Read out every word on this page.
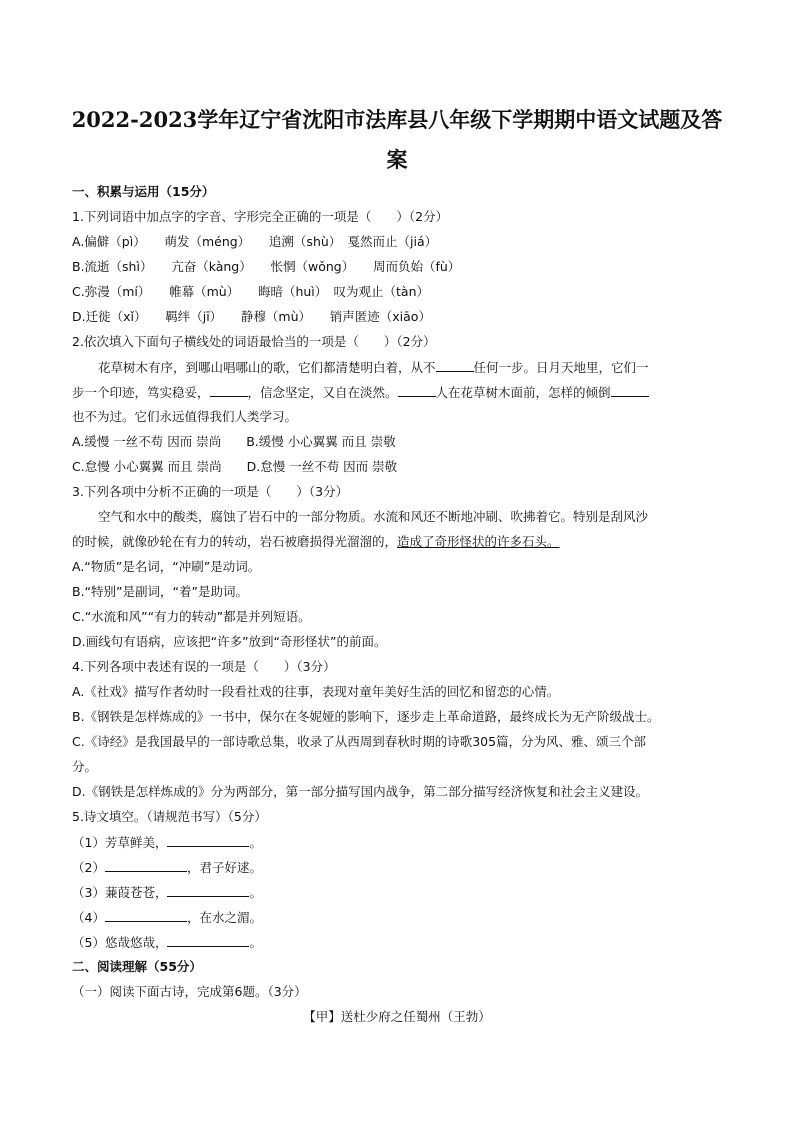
2022-2023学年辽宁省沈阳市法库县八年级下学期期中语文试题及答
案
一、积累与运用（15分）
1.下列词语中加点字的字音、字形完全正确的一项是（　　）（2分）
A.偏僻（pì）　　萌发（méng）　　追溯（shù）　戛然而止（jiá）
B.流逝（shì）　　亢奋（kàng）　　怅惘（wǒng）　　周而负始（fù）
C.弥漫（mí）　　帷幕（mù）　　晦暗（huì）　叹为观止（tàn）
D.迁徙（xǐ）　　羁绊（jī）　　静穆（mù）　　销声匿迹（xiāo）
2.依次填入下面句子横线处的词语最恰当的一项是（　　）（2分）
花草树木有序，到哪山唱哪山的歌，它们都清楚明白着，从不	任何一步。日月天地里，它们一
步一个印迹，笃实稳妥，	，信念坚定，又自在淡然。	人在花草树木面前，怎样的倾倒
也不为过。它们永远值得我们人类学习。
A.缓慢 一丝不苟 因而 崇尚　　B.缓慢 小心翼翼 而且 崇敬
C.怠慢 小心翼翼 而且 崇尚　　D.怠慢 一丝不苟 因而 崇敬
3.下列各项中分析不正确的一项是（　　）（3分）
空气和水中的酸类，腐蚀了岩石中的一部分物质。水流和风还不断地冲刷、吹拂着它。特别是刮风沙
的时候，就像砂轮在有力的转动，岩石被磨损得光溜溜的，造成了奇形怪状的许多石头。
A.“物质”是名词，“冲刷”是动词。
B.“特别”是副词，“着”是助词。
C.“水流和风”“有力的转动”都是并列短语。
D.画线句有语病，应该把“许多”放到“奇形怪状”的前面。
4.下列各项中表述有误的一项是（　　）（3分）
A.《社戏》描写作者幼时一段看社戏的往事，表现对童年美好生活的回忆和留恋的心情。
B.《钢铁是怎样炼成的》一书中，保尔在冬妮娅的影响下，逐步走上革命道路，最终成长为无产阶级战士。
C.《诗经》是我国最早的一部诗歌总集，收录了从西周到春秋时期的诗歌305篇，分为风、雅、颂三个部
分。
D.《钢铁是怎样炼成的》分为两部分，第一部分描写国内战争，第二部分描写经济恢复和社会主义建设。
5.诗文填空。（请规范书写）（5分）
（1）芳草鲜美，	。
（2）	，君子好逑。
（3）蒹葭苍苍，	。
（4）	，在水之湄。
（5）悠哉悠哉，	。
二、阅读理解（55分）
（一）阅读下面古诗，完成第6题。（3分）
【甲】送杜少府之任蜀州（王勃）
